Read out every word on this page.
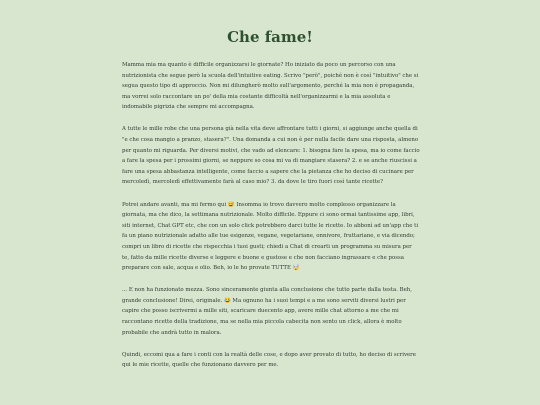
Che fame!

Mamma mia ma quanto è difficile organizzarsi le giornate? Ho iniziato da poco un percorso con una nutrizionista che segue però la scuola dell'intuitive eating. Scrivo "però", poiché non è così "intuitivo" che si segua questo tipo di approccio. Non mi dilungherò molto sull'argomento, perché la mia non è propaganda, ma vorrei solo raccontare un po' della mia costante difficoltà nell'organizzarmi e la mia assoluta e indomabile pigrizia che sempre mi accompagna.

A tutte le mille robe che una persona già nella vita deve affrontare tutti i giorni, si aggiunge anche quella di "e che cosa mangio a pranzo, stasera?". Una domanda a cui non è per nulla facile dare una risposta, almeno per quanto mi riguarda. Per diversi motivi, che vado ad elencare: 1. bisogna fare la spesa, ma io come faccio a fare la spesa per i prossimi giorni, se neppure so cosa mi va di mangiare stasera? 2. e se anche riuscissi a fare una spesa abbastanza intelligente, come faccio a sapere che la pietanza che ho deciso di cucinare per mercoledì, mercoledì effettivamente farà al caso mio? 3. da dove le tiro fuori così tante ricette?

Potrei andare avanti, ma mi fermo qui 😅 Insomma io trovo davvero molto complesso organizzare la giornata, ma che dico, la settimana nutrizionale. Molto difficile. Eppure ci sono ormai tantissime app, libri, siti internet, Chat GPT etc, che con un solo click potrebbero darci tutte le ricette. Io abbonì ad un'app che ti fa un piano nutrizionale adatto alle tue esigenze, vegane, vegetariane, onnivore, fruttariane, e via dicendo; compri un libro di ricette che rispecchia i tuoi gusti; chiedi a Chat di crearti un programma su misura per te, fatto da mille ricette diverse e leggere e buone e gustose e che non facciano ingrassare e che possa preparare con sale, acqua e olio. Beh, io le ho provate TUTTE 🤯

... E non ha funzionato mezza. Sono sinceramente giunta alla conclusione che tutto parte dalla testa. Beh, grande conclusione! Direi, originale. 😂 Ma ognuno ha i suoi tempi e a me sono serviti diversi lustri per capire che posso iscrivermi a mille siti, scaricare duecento app, avere mille chat attorno a me che mi raccontano ricette della tradizione, ma se nella mia piccola cabecita non sento un click, allora è molto probabile che andrà tutto in malora.

Quindi, eccomi qua a fare i conti con la realtà delle cose, e dopo aver provato di tutto, ho deciso di scrivere qui le mie ricette, quelle che funzionano davvero per me.
